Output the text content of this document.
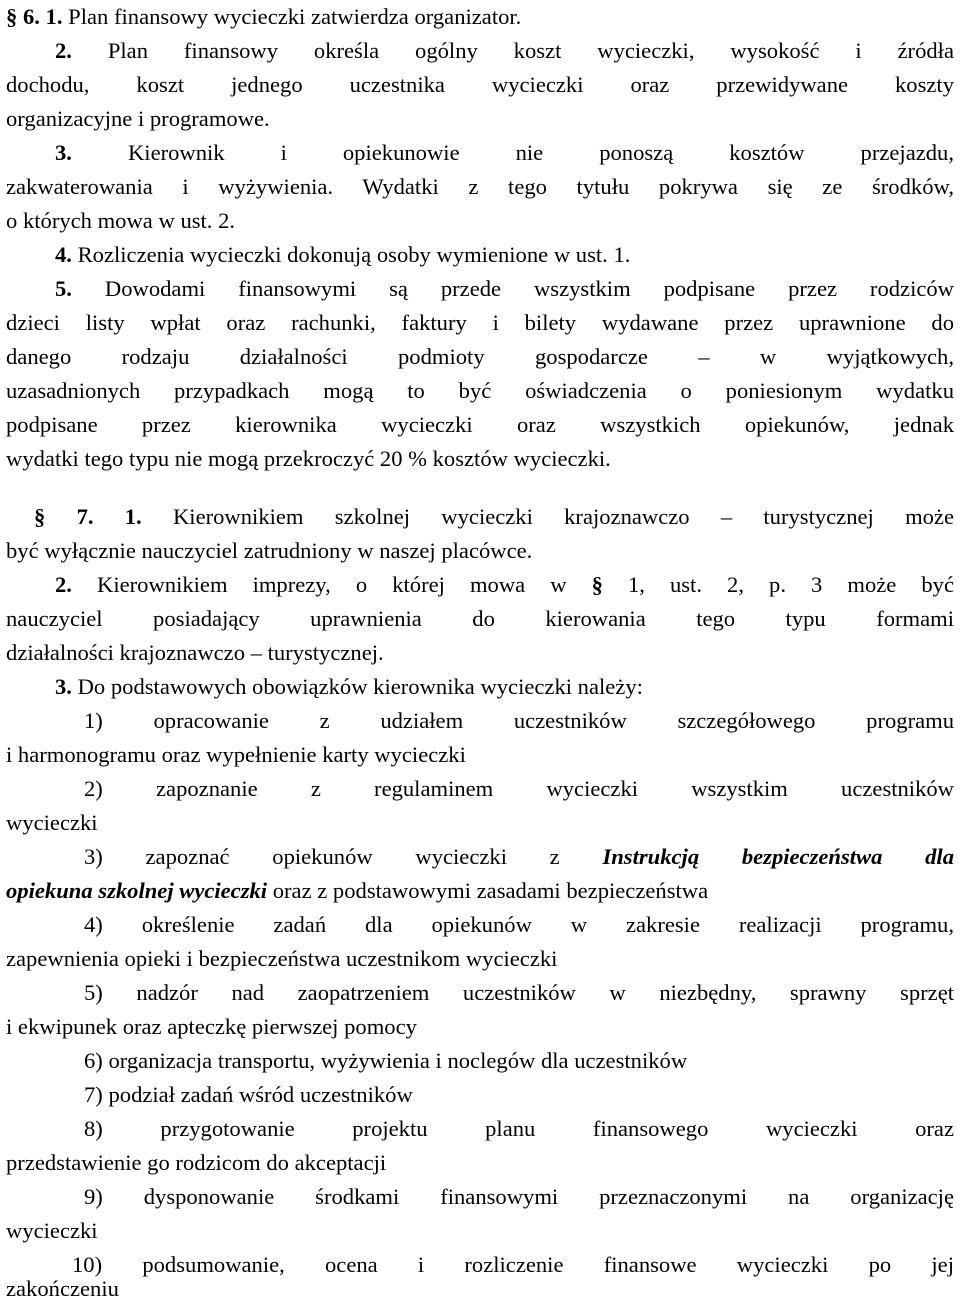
§ 6. 1. Plan finansowy wycieczki zatwierdza organizator.
2. Plan finansowy określa ogólny koszt wycieczki, wysokość i źródła
dochodu, koszt jednego uczestnika wycieczki oraz przewidywane koszty
organizacyjne i programowe.
3. Kierownik i opiekunowie nie ponoszą kosztów przejazdu,
zakwaterowania i wyżywienia. Wydatki z tego tytułu pokrywa się ze środków,
o których mowa w ust. 2.
4. Rozliczenia wycieczki dokonują osoby wymienione w ust. 1.
5. Dowodami finansowymi są przede wszystkim podpisane przez rodziców
dzieci listy wpłat oraz rachunki, faktury i bilety wydawane przez uprawnione do
danego rodzaju działalności podmioty gospodarcze – w wyjątkowych,
uzasadnionych przypadkach mogą to być oświadczenia o poniesionym wydatku
podpisane przez kierownika wycieczki oraz wszystkich opiekunów, jednak
wydatki tego typu nie mogą przekroczyć 20 % kosztów wycieczki.
§ 7. 1. Kierownikiem szkolnej wycieczki krajoznawczo – turystycznej może
być wyłącznie nauczyciel zatrudniony w naszej placówce.
2. Kierownikiem imprezy, o której mowa w § 1, ust. 2, p. 3 może być
nauczyciel posiadający uprawnienia do kierowania tego typu formami
działalności krajoznawczo – turystycznej.
3. Do podstawowych obowiązków kierownika wycieczki należy:
1) opracowanie z udziałem uczestników szczegółowego programu
i harmonogramu oraz wypełnienie karty wycieczki
2) zapoznanie z regulaminem wycieczki wszystkim uczestników
wycieczki
3) zapoznać opiekunów wycieczki z Instrukcją bezpieczeństwa dla
opiekuna szkolnej wycieczki oraz z podstawowymi zasadami bezpieczeństwa
4) określenie zadań dla opiekunów w zakresie realizacji programu,
zapewnienia opieki i bezpieczeństwa uczestnikom wycieczki
5) nadzór nad zaopatrzeniem uczestników w niezbędny, sprawny sprzęt
i ekwipunek oraz apteczkę pierwszej pomocy
6) organizacja transportu, wyżywienia i noclegów dla uczestników
7) podział zadań wśród uczestników
8) przygotowanie projektu planu finansowego wycieczki oraz
przedstawienie go rodzicom do akceptacji
9) dysponowanie środkami finansowymi przeznaczonymi na organizację
wycieczki
10) podsumowanie, ocena i rozliczenie finansowe wycieczki po jej
zakończeniu
